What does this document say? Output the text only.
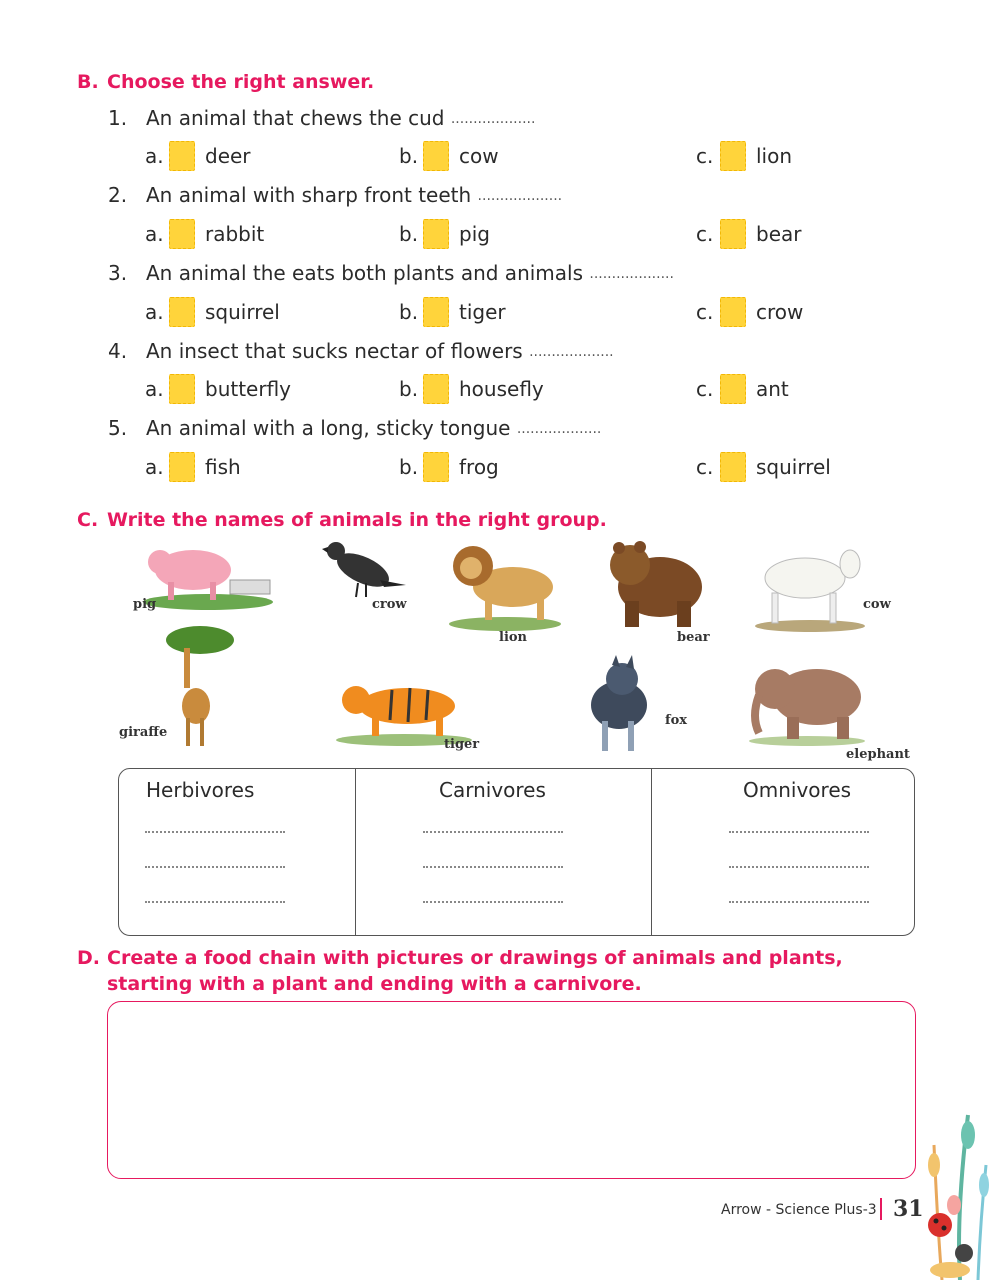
B. Choose the right answer.
1. An animal that chews the cud ...................
a. deer	b. cow	c.	lion
2. An animal with sharp front teeth ...................
a. rabbit	b. pig	c.	bear
3. An animal the eats both plants and animals ...................
a. squirrel	b. tiger	c.	crow
4. An insect that sucks nectar of flowers ...................
a. butterfly	b. housefly	c.	ant
5. An animal with a long, sticky tongue ...................
a. fish	b. frog	c.	squirrel
C. Write the names of animals in the right group.
pig	crow
lion	bear
cow
giraffe
tiger
fox
elephant
Herbivores	Carnivores	Omnivores
D. Create a food chain with pictures or drawings of animals and plants,
starting with a plant and ending with a carnivore.
Arrow - Science Plus-3 31
